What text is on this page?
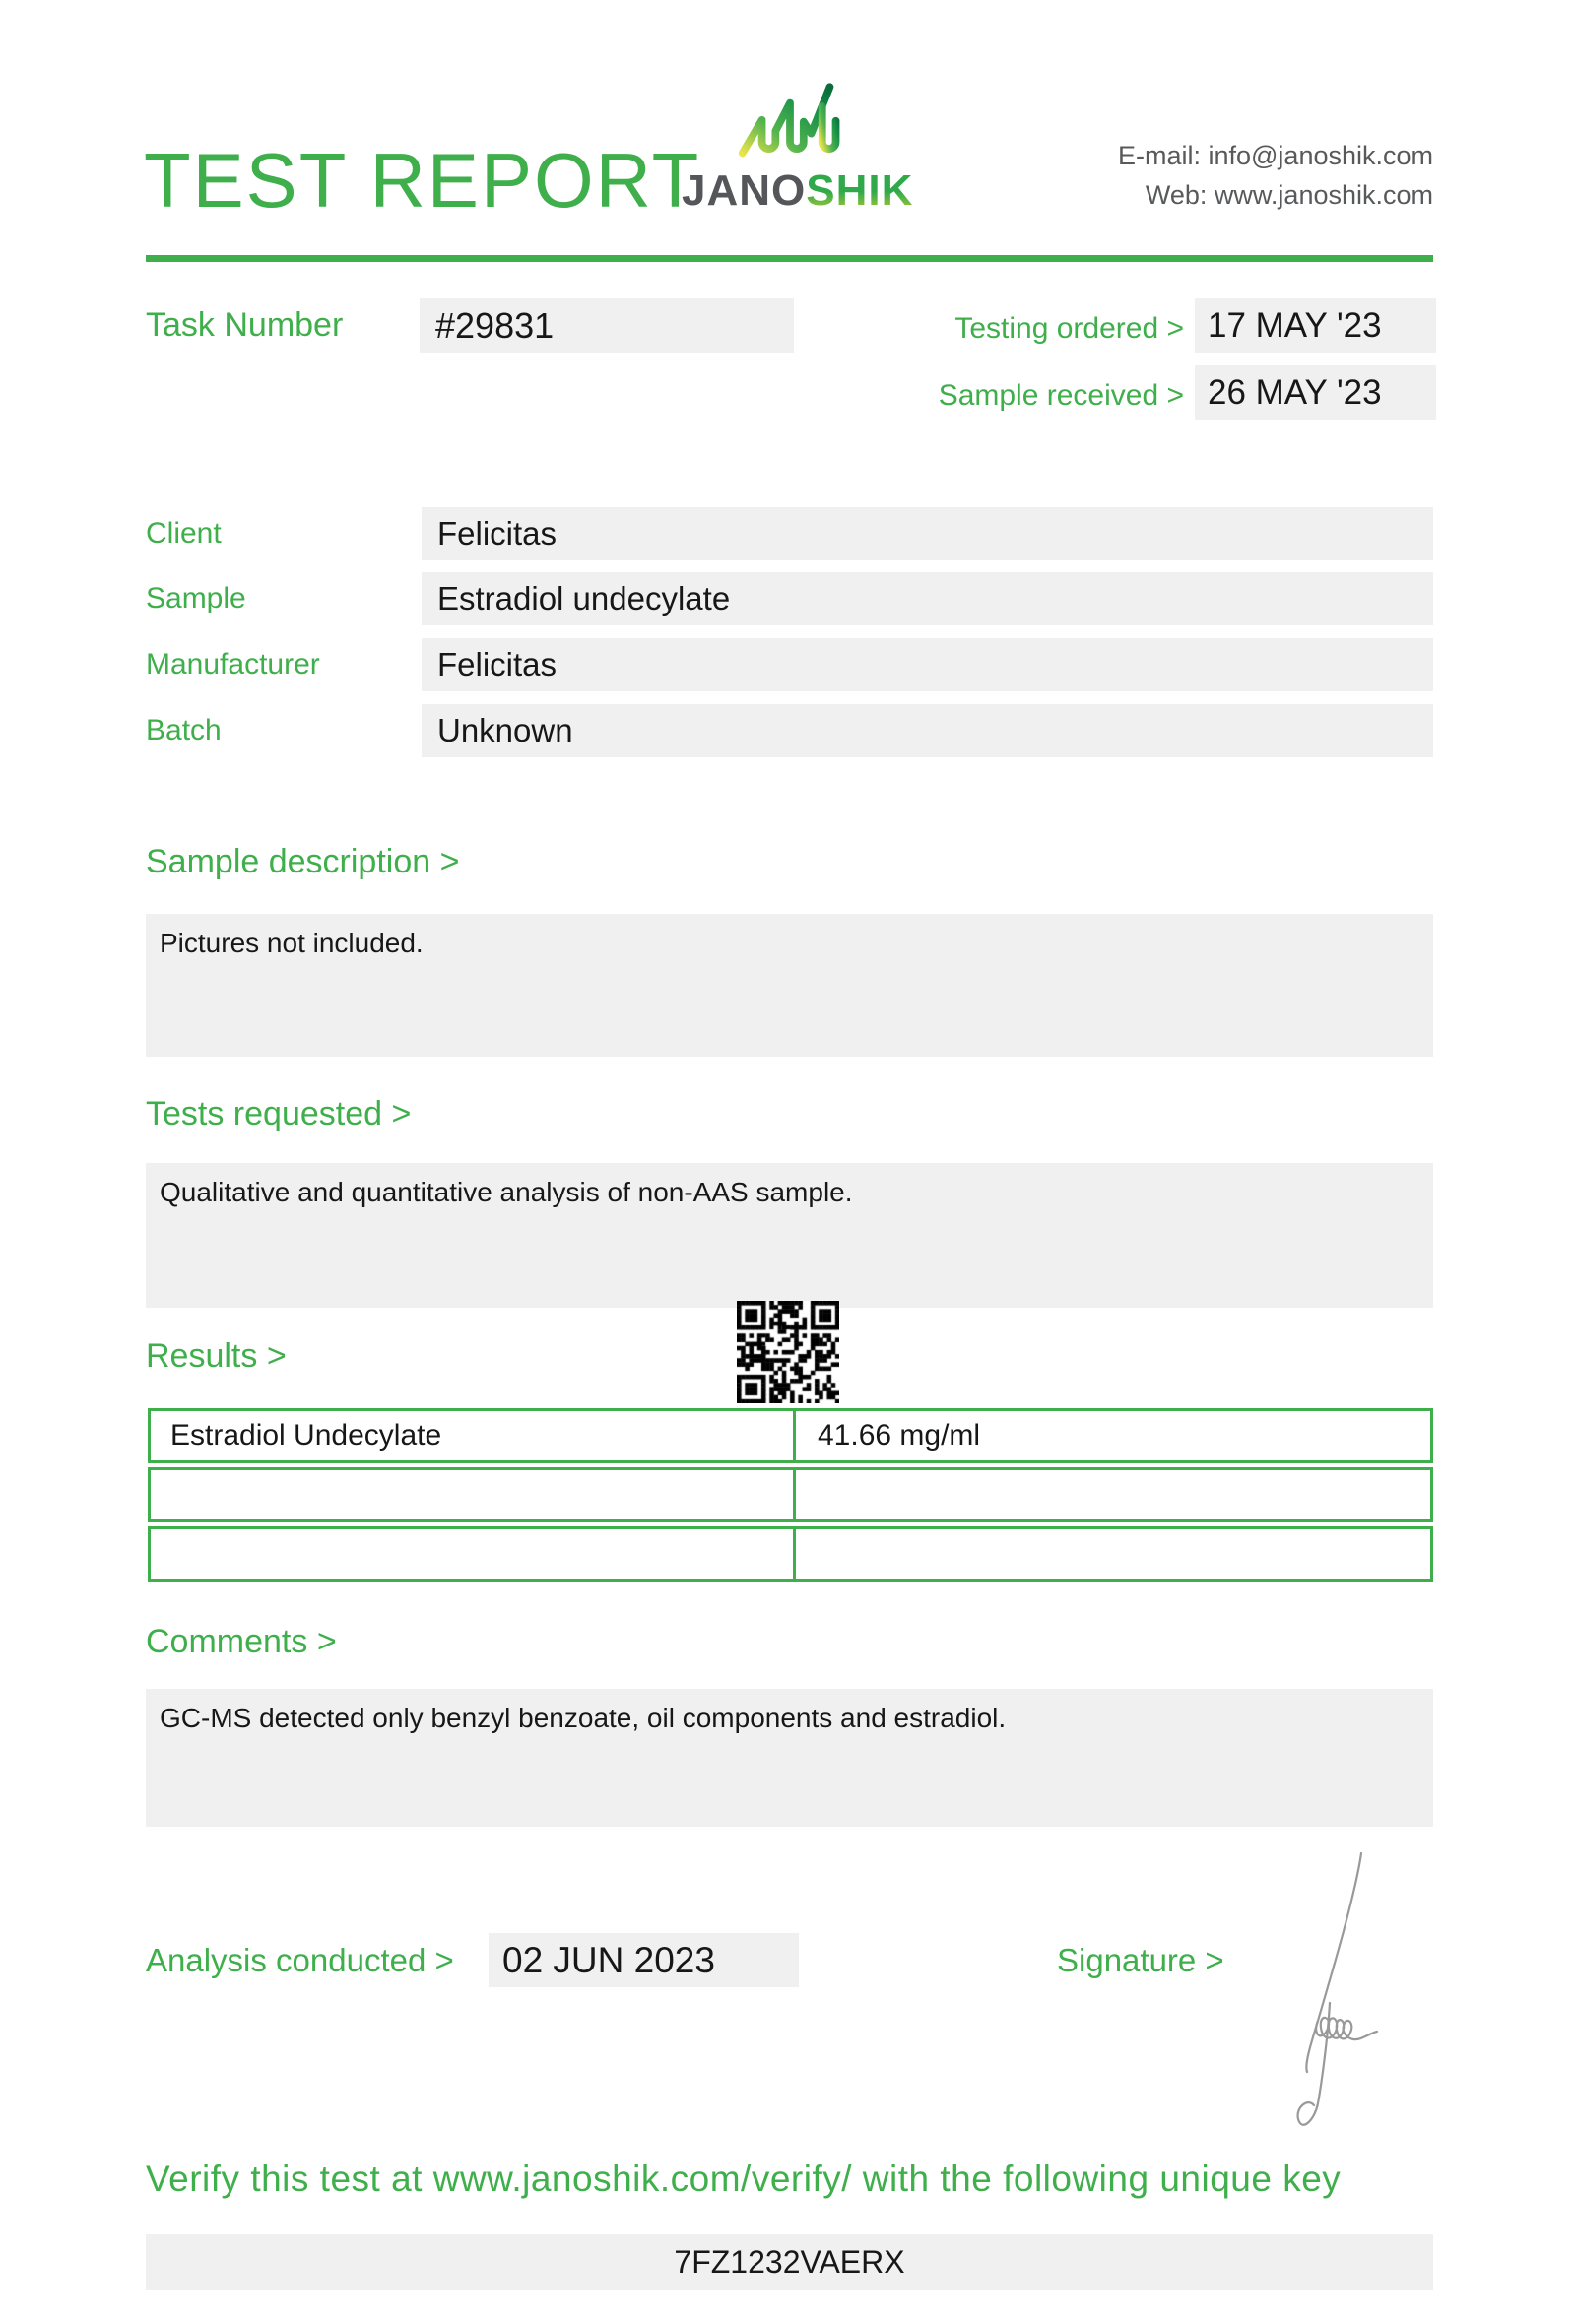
TEST REPORT
JANOSHIK
E-mail: info@janoshik.com
Web: www.janoshik.com
Task Number	#29831	Testing ordered > 17 MAY '23
Sample received > 26 MAY '23
Client	Felicitas
Sample	Estradiol undecylate
Manufacturer	Felicitas
Batch	Unknown
Sample description >
Pictures not included.
Tests requested >
Qualitative and quantitative analysis of non-AAS sample.
Results >
Estradiol Undecylate	41.66 mg/ml
Comments >
GC-MS detected only benzyl benzoate, oil components and estradiol.
Analysis conducted >	02 JUN 2023	Signature >
Verify this test at www.janoshik.com/verify/ with the following unique key
7FZ1232VAERX
